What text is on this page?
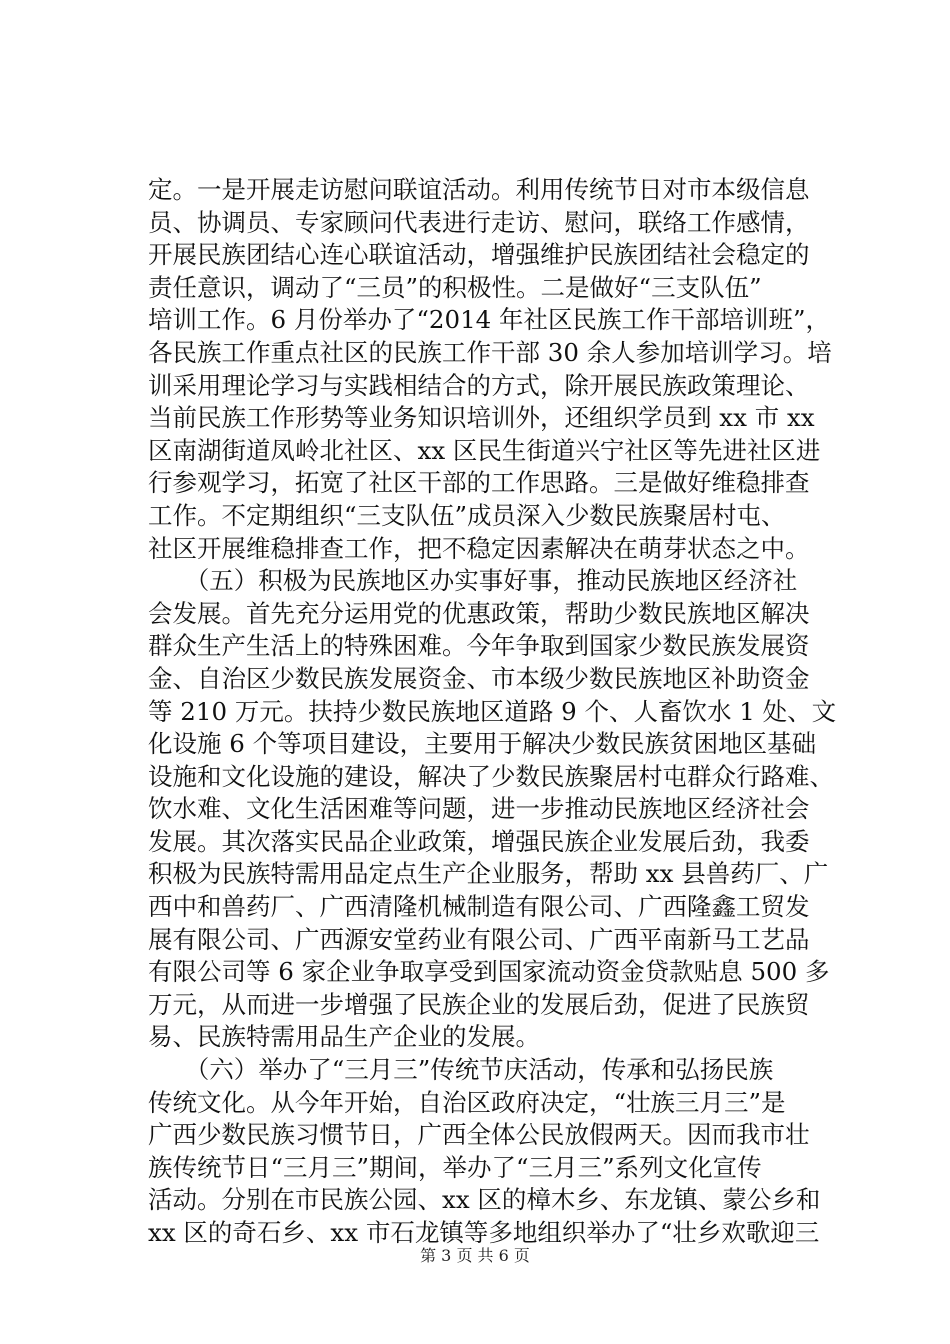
定。一是开展走访慰问联谊活动。利用传统节日对市本级信息
员、协调员、专家顾问代表进行走访、慰问，联络工作感情，
开展民族团结心连心联谊活动，增强维护民族团结社会稳定的
责任意识，调动了“三员”的积极性。二是做好“三支队伍”
培训工作。6 月份举办了“2014 年社区民族工作干部培训班”，
各民族工作重点社区的民族工作干部 30 余人参加培训学习。培
训采用理论学习与实践相结合的方式，除开展民族政策理论、
当前民族工作形势等业务知识培训外，还组织学员到 xx 市 xx
区南湖街道凤岭北社区、xx 区民生街道兴宁社区等先进社区进
行参观学习，拓宽了社区干部的工作思路。三是做好维稳排查
工作。不定期组织“三支队伍”成员深入少数民族聚居村屯、
社区开展维稳排查工作，把不稳定因素解决在萌芽状态之中。
　　（五）积极为民族地区办实事好事，推动民族地区经济社
会发展。首先充分运用党的优惠政策，帮助少数民族地区解决
群众生产生活上的特殊困难。今年争取到国家少数民族发展资
金、自治区少数民族发展资金、市本级少数民族地区补助资金
等 210 万元。扶持少数民族地区道路 9 个、人畜饮水 1 处、文
化设施 6 个等项目建设，主要用于解决少数民族贫困地区基础
设施和文化设施的建设，解决了少数民族聚居村屯群众行路难、
饮水难、文化生活困难等问题，进一步推动民族地区经济社会
发展。其次落实民品企业政策，增强民族企业发展后劲，我委
积极为民族特需用品定点生产企业服务，帮助 xx 县兽药厂、广
西中和兽药厂、广西清隆机械制造有限公司、广西隆鑫工贸发
展有限公司、广西源安堂药业有限公司、广西平南新马工艺品
有限公司等 6 家企业争取享受到国家流动资金贷款贴息 500 多
万元，从而进一步增强了民族企业的发展后劲，促进了民族贸
易、民族特需用品生产企业的发展。
　　（六）举办了“三月三”传统节庆活动，传承和弘扬民族
传统文化。从今年开始，自治区政府决定，“壮族三月三”是
广西少数民族习惯节日，广西全体公民放假两天。因而我市壮
族传统节日“三月三”期间，举办了“三月三”系列文化宣传
活动。分别在市民族公园、xx 区的樟木乡、东龙镇、蒙公乡和
xx 区的奇石乡、xx 市石龙镇等多地组织举办了“壮乡欢歌迎三
第 3 页 共 6 页
